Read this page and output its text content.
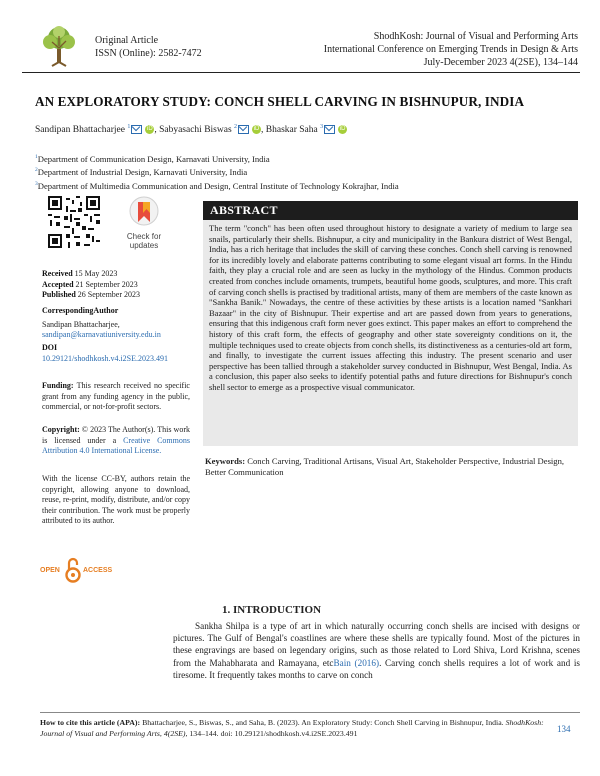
Original Article
ISSN (Online): 2582-7472
ShodhKosh: Journal of Visual and Performing Arts
International Conference on Emerging Trends in Design & Arts
July-December 2023 4(2SE), 134–144
AN EXPLORATORY STUDY: CONCH SHELL CARVING IN BISHNUPUR, INDIA
Sandipan Bhattacharjee $^1$	iD , Sabyasachi Biswas $^2$	iD , Bhaskar Saha $^3$	iD
$^1$Department of Communication Design, Karnavati University, India
$^2$Department of Industrial Design, Karnavati University, India
$^3$Department of Multimedia Communication and Design, Central Institute of Technology Kokrajhar, India
Check for
updates
Received 15 May 2023
Accepted 21 September 2023
Published 26 September 2023
CorrespondingAuthor
Sandipan Bhattacharjee,
sandipan@karnavatiuniversity.edu.in
DOI
10.29121/shodhkosh.v4.i2SE.2023.491
Funding: This research received no specific grant from any funding agency in the public, commercial, or not-for-profit sectors.
Copyright: © 2023 The Author(s). This work is licensed under a Creative Commons Attribution 4.0 International License.
With the license CC-BY, authors retain the copyright, allowing anyone to download, reuse, re-print, modify, distribute, and/or copy their contribution. The work must be properly attributed to its author.
OPEN	ACCESS
ABSTRACT
The term "conch" has been often used throughout history to designate a variety of medium to large sea snails, particularly their shells. Bishnupur, a city and municipality in the Bankura district of West Bengal, India, has a rich heritage that includes the skill of carving these conches. Conch shell carving is renowned for its incredibly lovely and elaborate patterns contributing to some elegant visual art forms. In the Hindu faith, they play a crucial role and are seen as lucky in the mythology of the Hindus. Common products created from conches include ornaments, trumpets, beautiful home goods, sculptures, and more. This craft of carving conch shells is practised by traditional artists, many of them are members of the caste known as "Sankha Banik." Nowadays, the centre of these activities by these artists is a location named "Sankhari Bazaar" in the city of Bishnupur. Their expertise and art are passed down from years to generations, ensuring that this indigenous craft form never goes extinct. This paper makes an effort to comprehend the history of this craft form, the effects of geography and other state sovereignty conditions on it, the multiple techniques used to create objects from conch shells, its distinctiveness as a centuries-old art form, and finally, to investigate the current issues affecting this industry. The present scenario and user perspective has been tallied through a stakeholder survey conducted in Bishnupur, West Bengal, India. As a conclusion, this paper also seeks to identify potential paths and future directions for Bishnupur's conch shell sector to emerge as a prospective visual communicator.
Keywords: Conch Carving, Traditional Artisans, Visual Art, Stakeholder Perspective, Industrial Design, Better Communication
1. INTRODUCTION
Sankha Shilpa is a type of art in which naturally occurring conch shells are incised with designs or pictures. The Gulf of Bengal's coastlines are where these shells are typically found. Most of the pictures in these engravings are based on legendary origins, such as those related to Lord Shiva, Lord Krishna, scenes from the Mahabharata and Ramayana, etcBain (2016). Carving conch shells requires a lot of work and is tiresome. It frequently takes months to carve on conch
How to cite this article (APA): Bhattacharjee, S., Biswas, S., and Saha, B. (2023). An Exploratory Study: Conch Shell Carving in Bishnupur, India. ShodhKosh: Journal of Visual and Performing Arts, 4(2SE), 134–144. doi: 10.29121/shodhkosh.v4.i2SE.2023.491	134
